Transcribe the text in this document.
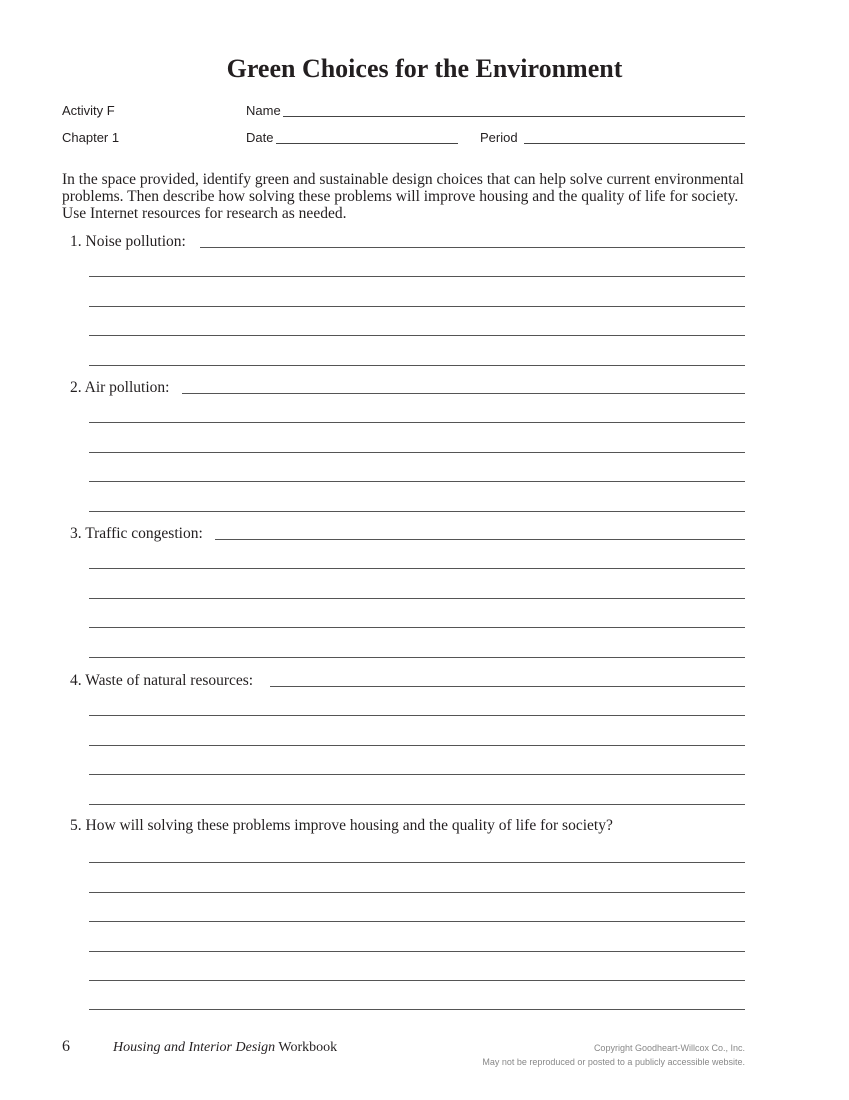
Green Choices for the Environment
Activity F	Name
Chapter 1	Date	Period
In the space provided, identify green and sustainable design choices that can help solve current environmental problems. Then describe how solving these problems will improve housing and the quality of life for society. Use Internet resources for research as needed.
1. Noise pollution:
2. Air pollution:
3. Traffic congestion:
4. Waste of natural resources:
5. How will solving these problems improve housing and the quality of life for society?
6	Housing and Interior Design Workbook	Copyright Goodheart-Willcox Co., Inc.
May not be reproduced or posted to a publicly accessible website.
